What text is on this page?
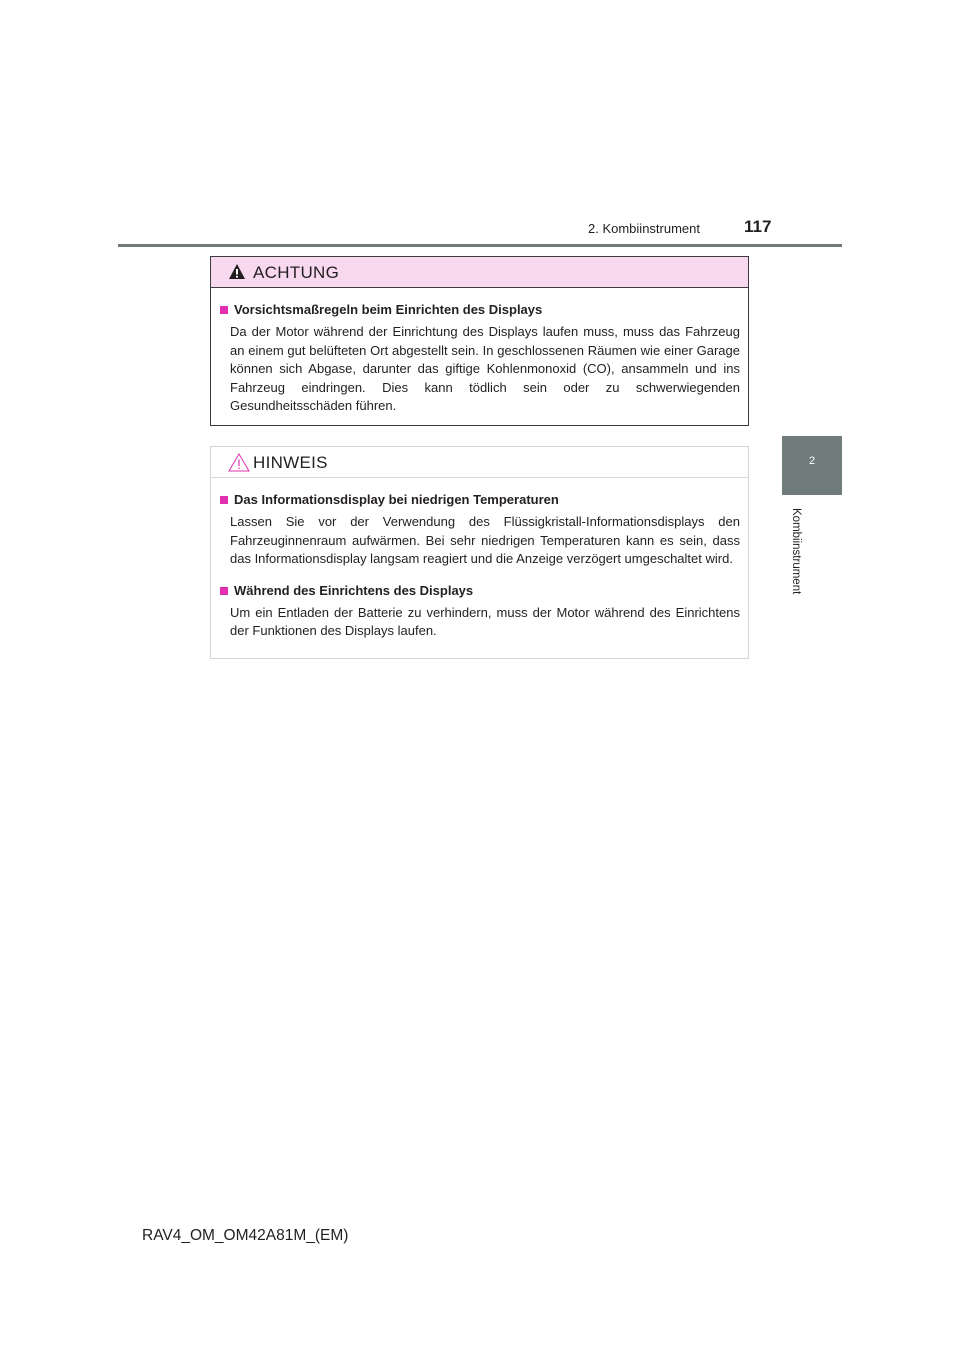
2. Kombiinstrument	117
2
Kombiinstrument
ACHTUNG
Vorsichtsmaßregeln beim Einrichten des Displays
Da der Motor während der Einrichtung des Displays laufen muss, muss das Fahrzeug an einem gut belüfteten Ort abgestellt sein. In geschlossenen Räumen wie einer Garage können sich Abgase, darunter das giftige Kohlenmonoxid (CO), ansammeln und ins Fahrzeug eindringen. Dies kann tödlich sein oder zu schwerwiegenden Gesundheitsschäden führen.
HINWEIS
Das Informationsdisplay bei niedrigen Temperaturen
Lassen Sie vor der Verwendung des Flüssigkristall-Informationsdisplays den Fahrzeuginnenraum aufwärmen. Bei sehr niedrigen Temperaturen kann es sein, dass das Informationsdisplay langsam reagiert und die Anzeige verzögert umgeschaltet wird.
Während des Einrichtens des Displays
Um ein Entladen der Batterie zu verhindern, muss der Motor während des Einrichtens der Funktionen des Displays laufen.
RAV4_OM_OM42A81M_(EM)
